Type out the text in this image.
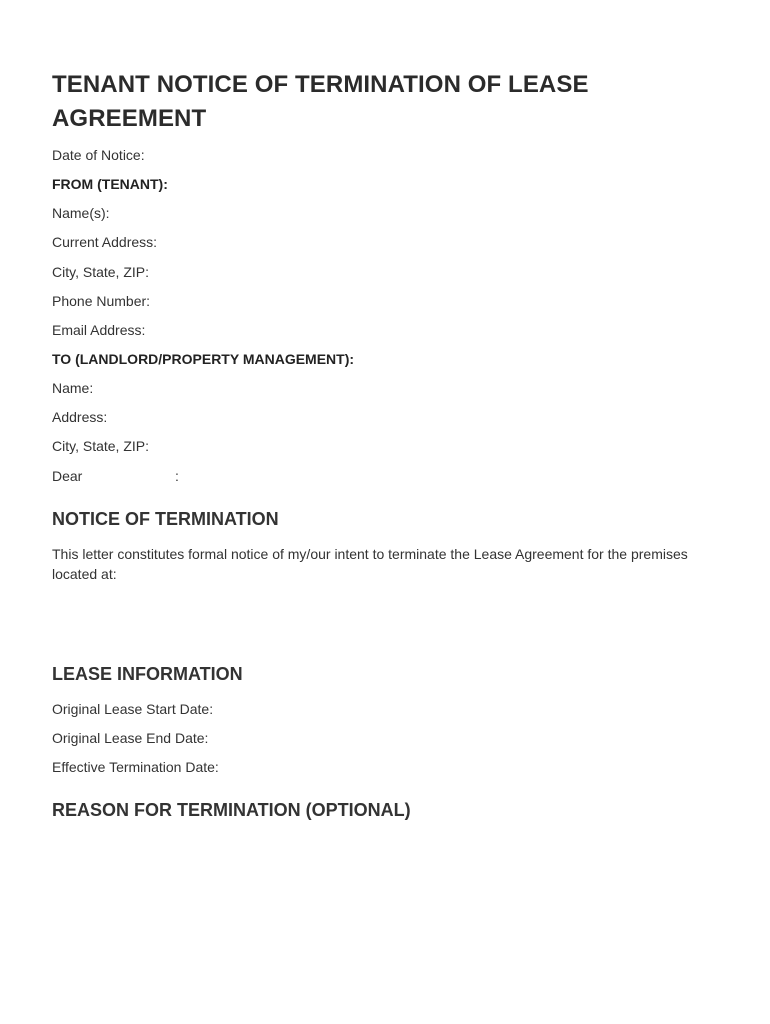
TENANT NOTICE OF TERMINATION OF LEASE AGREEMENT
Date of Notice:
FROM (TENANT):
Name(s):
Current Address:
City, State, ZIP:
Phone Number:
Email Address:
TO (LANDLORD/PROPERTY MANAGEMENT):
Name:
Address:
City, State, ZIP:
Dear	:
NOTICE OF TERMINATION

This letter constitutes formal notice of my/our intent to terminate the Lease Agreement for the premises located at:

LEASE INFORMATION
Original Lease Start Date:
Original Lease End Date:
Effective Termination Date:
REASON FOR TERMINATION (OPTIONAL)
